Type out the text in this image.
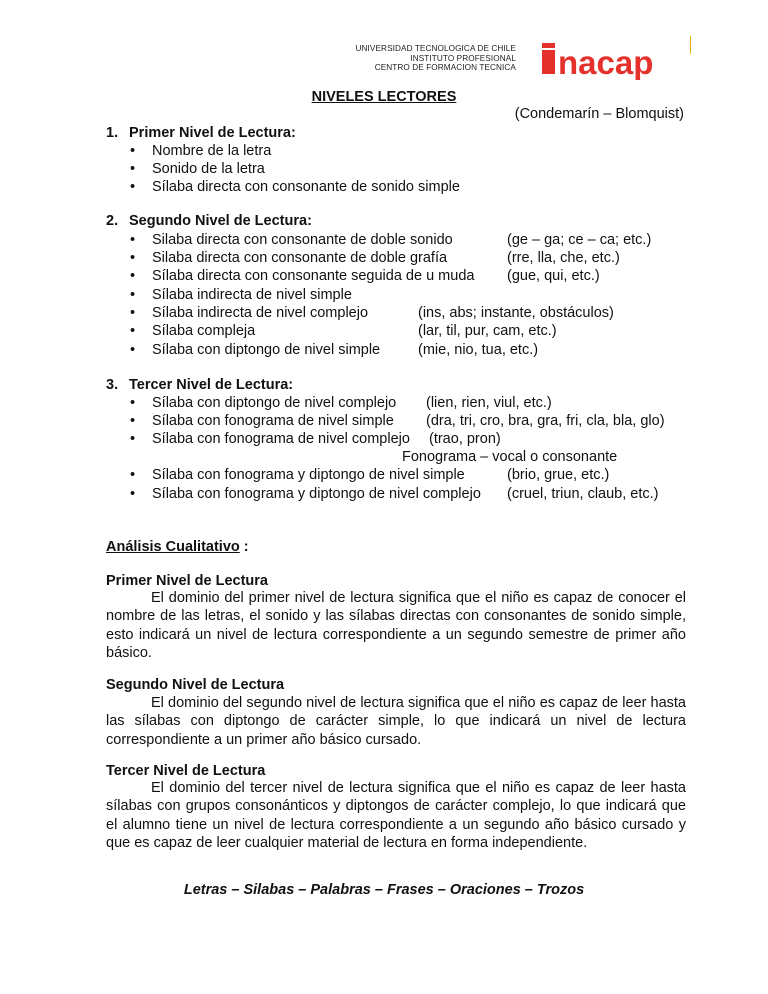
UNIVERSIDAD TECNOLOGICA DE CHILE
INSTITUTO PROFESIONAL
CENTRO DE FORMACION TECNICA nacap
NIVELES LECTORES
(Condemarín – Blomquist)
1. Primer Nivel de Lectura:
• Nombre de la letra
• Sonido de la letra
• Sílaba directa con consonante de sonido simple
2. Segundo Nivel de Lectura:
• Silaba directa con consonante de doble sonido	(ge – ga; ce – ca; etc.)
• Silaba directa con consonante de doble grafía	(rre, lla, che, etc.)
• Sílaba directa con consonante seguida de u muda (gue, qui, etc.)
• Sílaba indirecta de nivel simple
• Sílaba indirecta de nivel complejo	(ins, abs; instante, obstáculos)
• Sílaba compleja	(lar, til, pur, cam, etc.)
• Sílaba con diptongo de nivel simple	(mie, nio, tua, etc.)
3. Tercer Nivel de Lectura:
• Sílaba con diptongo de nivel complejo (lien, rien, viul, etc.)
• Sílaba con fonograma de nivel simple (dra, tri, cro, bra, gra, fri, cla, bla, glo)
• Sílaba con fonograma de nivel complejo (trao, pron)
Fonograma – vocal o consonante
• Sílaba con fonograma y diptongo de nivel simple	(brio, grue, etc.)
• Sílaba con fonograma y diptongo de nivel complejo (cruel, triun, claub, etc.)
Análisis Cualitativo :
Primer Nivel de Lectura
El dominio del primer nivel de lectura significa que el niño es capaz de conocer el nombre de las letras, el sonido y las sílabas directas con consonantes de sonido simple, esto indicará un nivel de lectura correspondiente a un segundo semestre de primer año básico.
Segundo Nivel de Lectura
El dominio del segundo nivel de lectura significa que el niño es capaz de leer hasta las sílabas con diptongo de carácter simple, lo que indicará un nivel de lectura correspondiente a un primer año básico cursado.
Tercer Nivel de Lectura
El dominio del tercer nivel de lectura significa que el niño es capaz de leer hasta sílabas con grupos consonánticos y diptongos de carácter complejo, lo que indicará que el alumno tiene un nivel de lectura correspondiente a un segundo año básico cursado y que es capaz de leer cualquier material de lectura en forma independiente.
Letras – Silabas – Palabras – Frases – Oraciones – Trozos
